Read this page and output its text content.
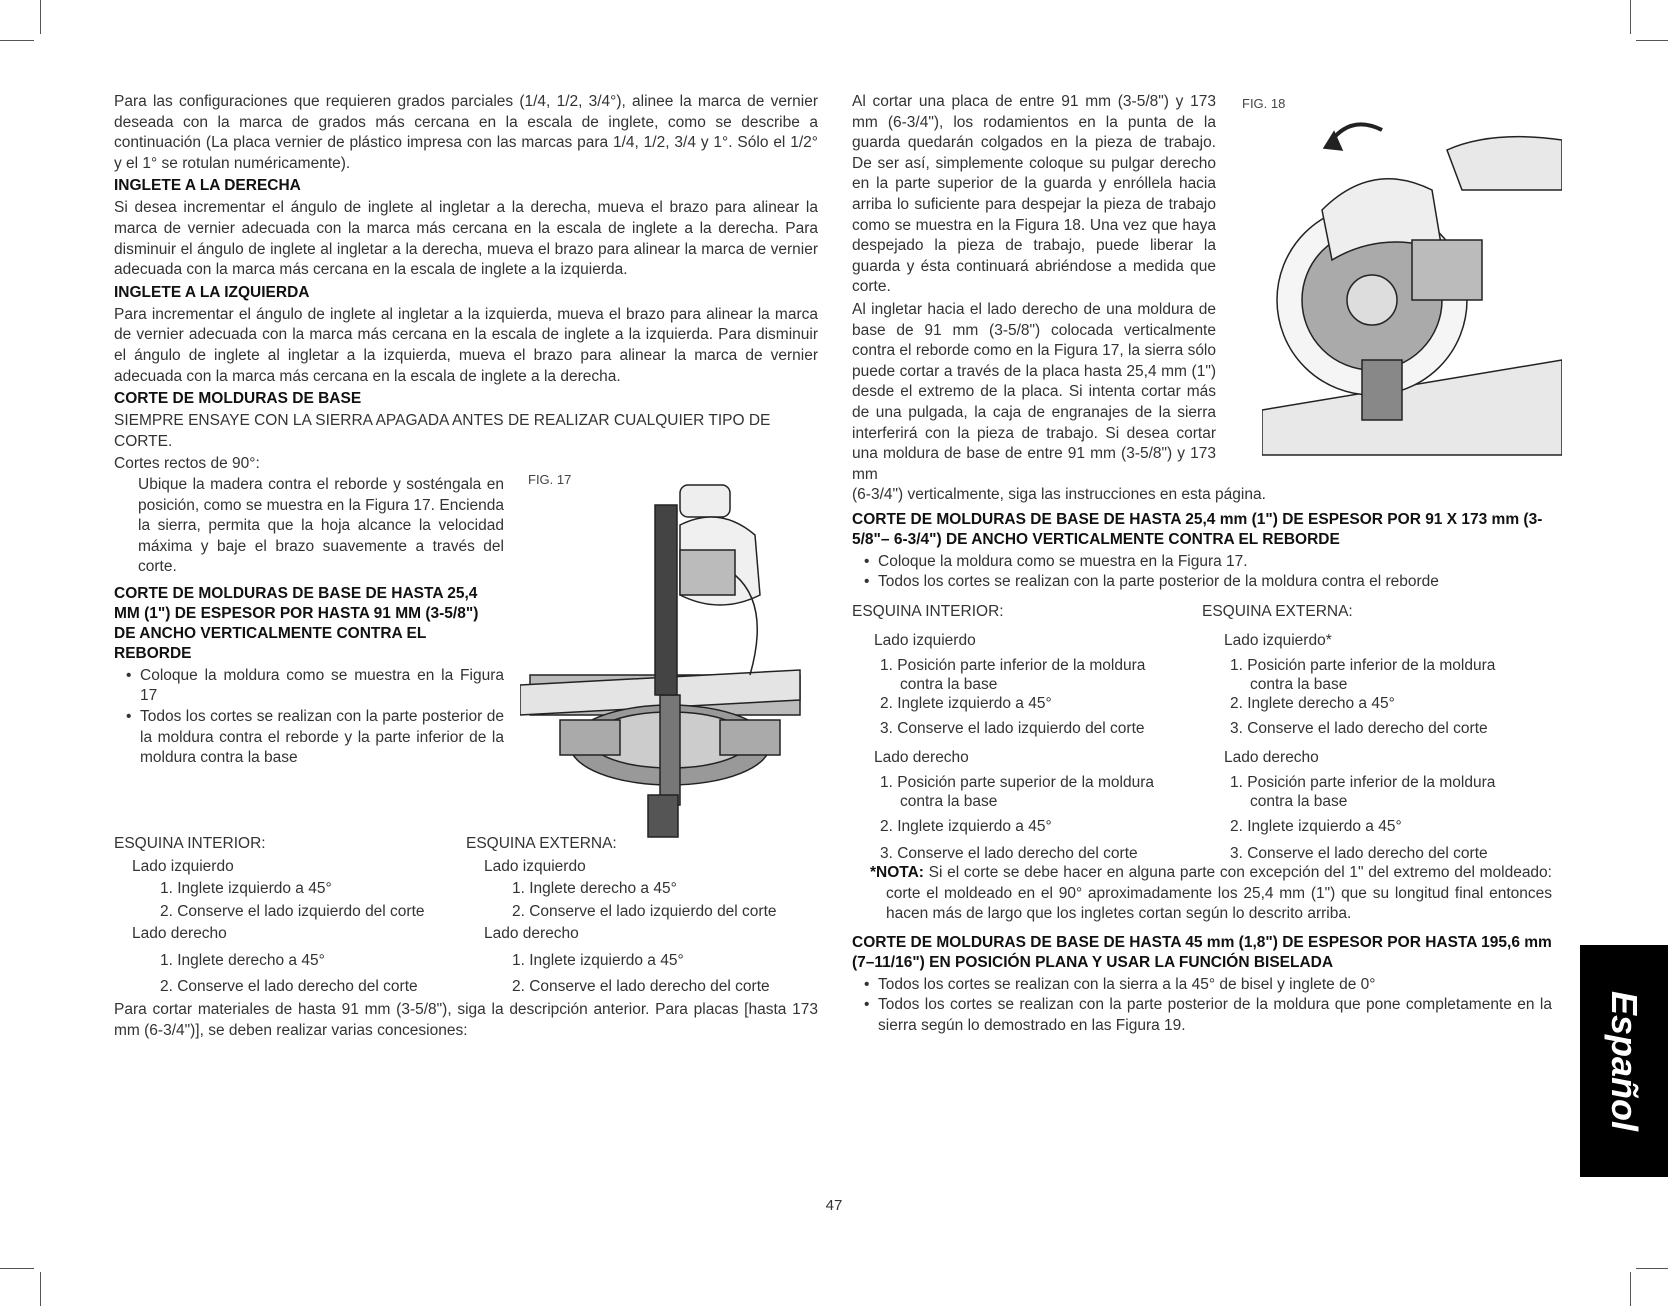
Para las configuraciones que requieren grados parciales (1/4, 1/2, 3/4°), alinee la marca de vernier deseada con la marca de grados más cercana en la escala de inglete, como se describe a continuación (La placa vernier de plástico impresa con las marcas para 1/4, 1/2, 3/4 y 1°. Sólo el 1/2° y el 1° se rotulan numéricamente).

INGLETE A LA DERECHA

Si desea incrementar el ángulo de inglete al ingletar a la derecha, mueva el brazo para alinear la marca de vernier adecuada con la marca más cercana en la escala de inglete a la derecha. Para disminuir el ángulo de inglete al ingletar a la derecha, mueva el brazo para alinear la marca de vernier adecuada con la marca más cercana en la escala de inglete a la izquierda.

INGLETE A LA IZQUIERDA

Para incrementar el ángulo de inglete al ingletar a la izquierda, mueva el brazo para alinear la marca de vernier adecuada con la marca más cercana en la escala de inglete a la izquierda. Para disminuir el ángulo de inglete al ingletar a la izquierda, mueva el brazo para alinear la marca de vernier adecuada con la marca más cercana en la escala de inglete a la derecha.

CORTE DE MOLDURAS DE BASE

SIEMPRE ENSAYE CON LA SIERRA APAGADA ANTES DE REALIZAR CUALQUIER TIPO DE CORTE.

Cortes rectos de 90°:

Ubique la madera contra el reborde y sosténgala en posición, como se muestra en la Figura 17. Encienda la sierra, permita que la hoja alcance la velocidad máxima y baje el brazo suavemente a través del corte.

CORTE DE MOLDURAS DE BASE DE HASTA 25,4 MM (1") DE ESPESOR POR HASTA 91 MM (3-5/8") DE ANCHO VERTICALMENTE CONTRA EL REBORDE
• Coloque la moldura como se muestra en la Figura 17
• Todos los cortes se realizan con la parte posterior de la moldura contra el reborde y la parte inferior de la moldura contra la base
FIG. 17
ESQUINA INTERIOR:
Lado izquierdo
1. Inglete izquierdo a 45°
2. Conserve el lado izquierdo del corte
Lado derecho
1. Inglete derecho a 45°
2. Conserve el lado derecho del corte
ESQUINA EXTERNA:
Lado izquierdo
1. Inglete derecho a 45°
2. Conserve el lado izquierdo del corte
Lado derecho
1. Inglete izquierdo a 45°
2. Conserve el lado derecho del corte

Para cortar materiales de hasta 91 mm (3-5/8"), siga la descripción anterior. Para placas [hasta 173 mm (6-3/4")], se deben realizar varias concesiones:

FIG. 18

Al cortar una placa de entre 91 mm (3-5/8") y 173 mm (6-3/4"), los rodamientos en la punta de la guarda quedarán colgados en la pieza de trabajo. De ser así, simplemente coloque su pulgar derecho en la parte superior de la guarda y enróllela hacia arriba lo suficiente para despejar la pieza de trabajo como se muestra en la Figura 18. Una vez que haya despejado la pieza de trabajo, puede liberar la guarda y ésta continuará abriéndose a medida que corte.

Al ingletar hacia el lado derecho de una moldura de base de 91 mm (3-5/8") colocada verticalmente contra el reborde como en la Figura 17, la sierra sólo puede cortar a través de la placa hasta 25,4 mm (1") desde el extremo de la placa. Si intenta cortar más de una pulgada, la caja de engranajes de la sierra interferirá con la pieza de trabajo. Si desea cortar una moldura de base de entre 91 mm (3-5/8") y 173 mm

(6-3/4") verticalmente, siga las instrucciones en esta página.

CORTE DE MOLDURAS DE BASE DE HASTA 25,4 mm (1") DE ESPESOR POR 91 X 173 mm (3-5/8"– 6-3/4") DE ANCHO VERTICALMENTE CONTRA EL REBORDE
• Coloque la moldura como se muestra en la Figura 17.
• Todos los cortes se realizan con la parte posterior de la moldura contra el reborde
ESQUINA INTERIOR:
Lado izquierdo
1. Posición parte inferior de la moldura
contra la base
2. Inglete izquierdo a 45°
3. Conserve el lado izquierdo del corte
Lado derecho
1. Posición parte superior de la moldura
contra la base
2. Inglete izquierdo a 45°
3. Conserve el lado derecho del corte
ESQUINA EXTERNA:
Lado izquierdo*
1. Posición parte inferior de la moldura
contra la base
2. Inglete derecho a 45°
3. Conserve el lado derecho del corte
Lado derecho
1. Posición parte inferior de la moldura
contra la base
2. Inglete izquierdo a 45°
3. Conserve el lado derecho del corte

*NOTA: Si el corte se debe hacer en alguna parte con excepción del 1" del extremo del moldeado: corte el moldeado en el 90° aproximadamente los 25,4 mm (1") que su longitud final entonces hacen más de largo que los ingletes cortan según lo descrito arriba.

CORTE DE MOLDURAS DE BASE DE HASTA 45 mm (1,8") DE ESPESOR POR HASTA 195,6 mm (7–11/16") EN POSICIÓN PLANA Y USAR LA FUNCIÓN BISELADA
• Todos los cortes se realizan con la sierra a la 45° de bisel y inglete de 0°
• Todos los cortes se realizan con la parte posterior de la moldura que pone completamente en la sierra según lo demostrado en las Figura 19.	Español
47
